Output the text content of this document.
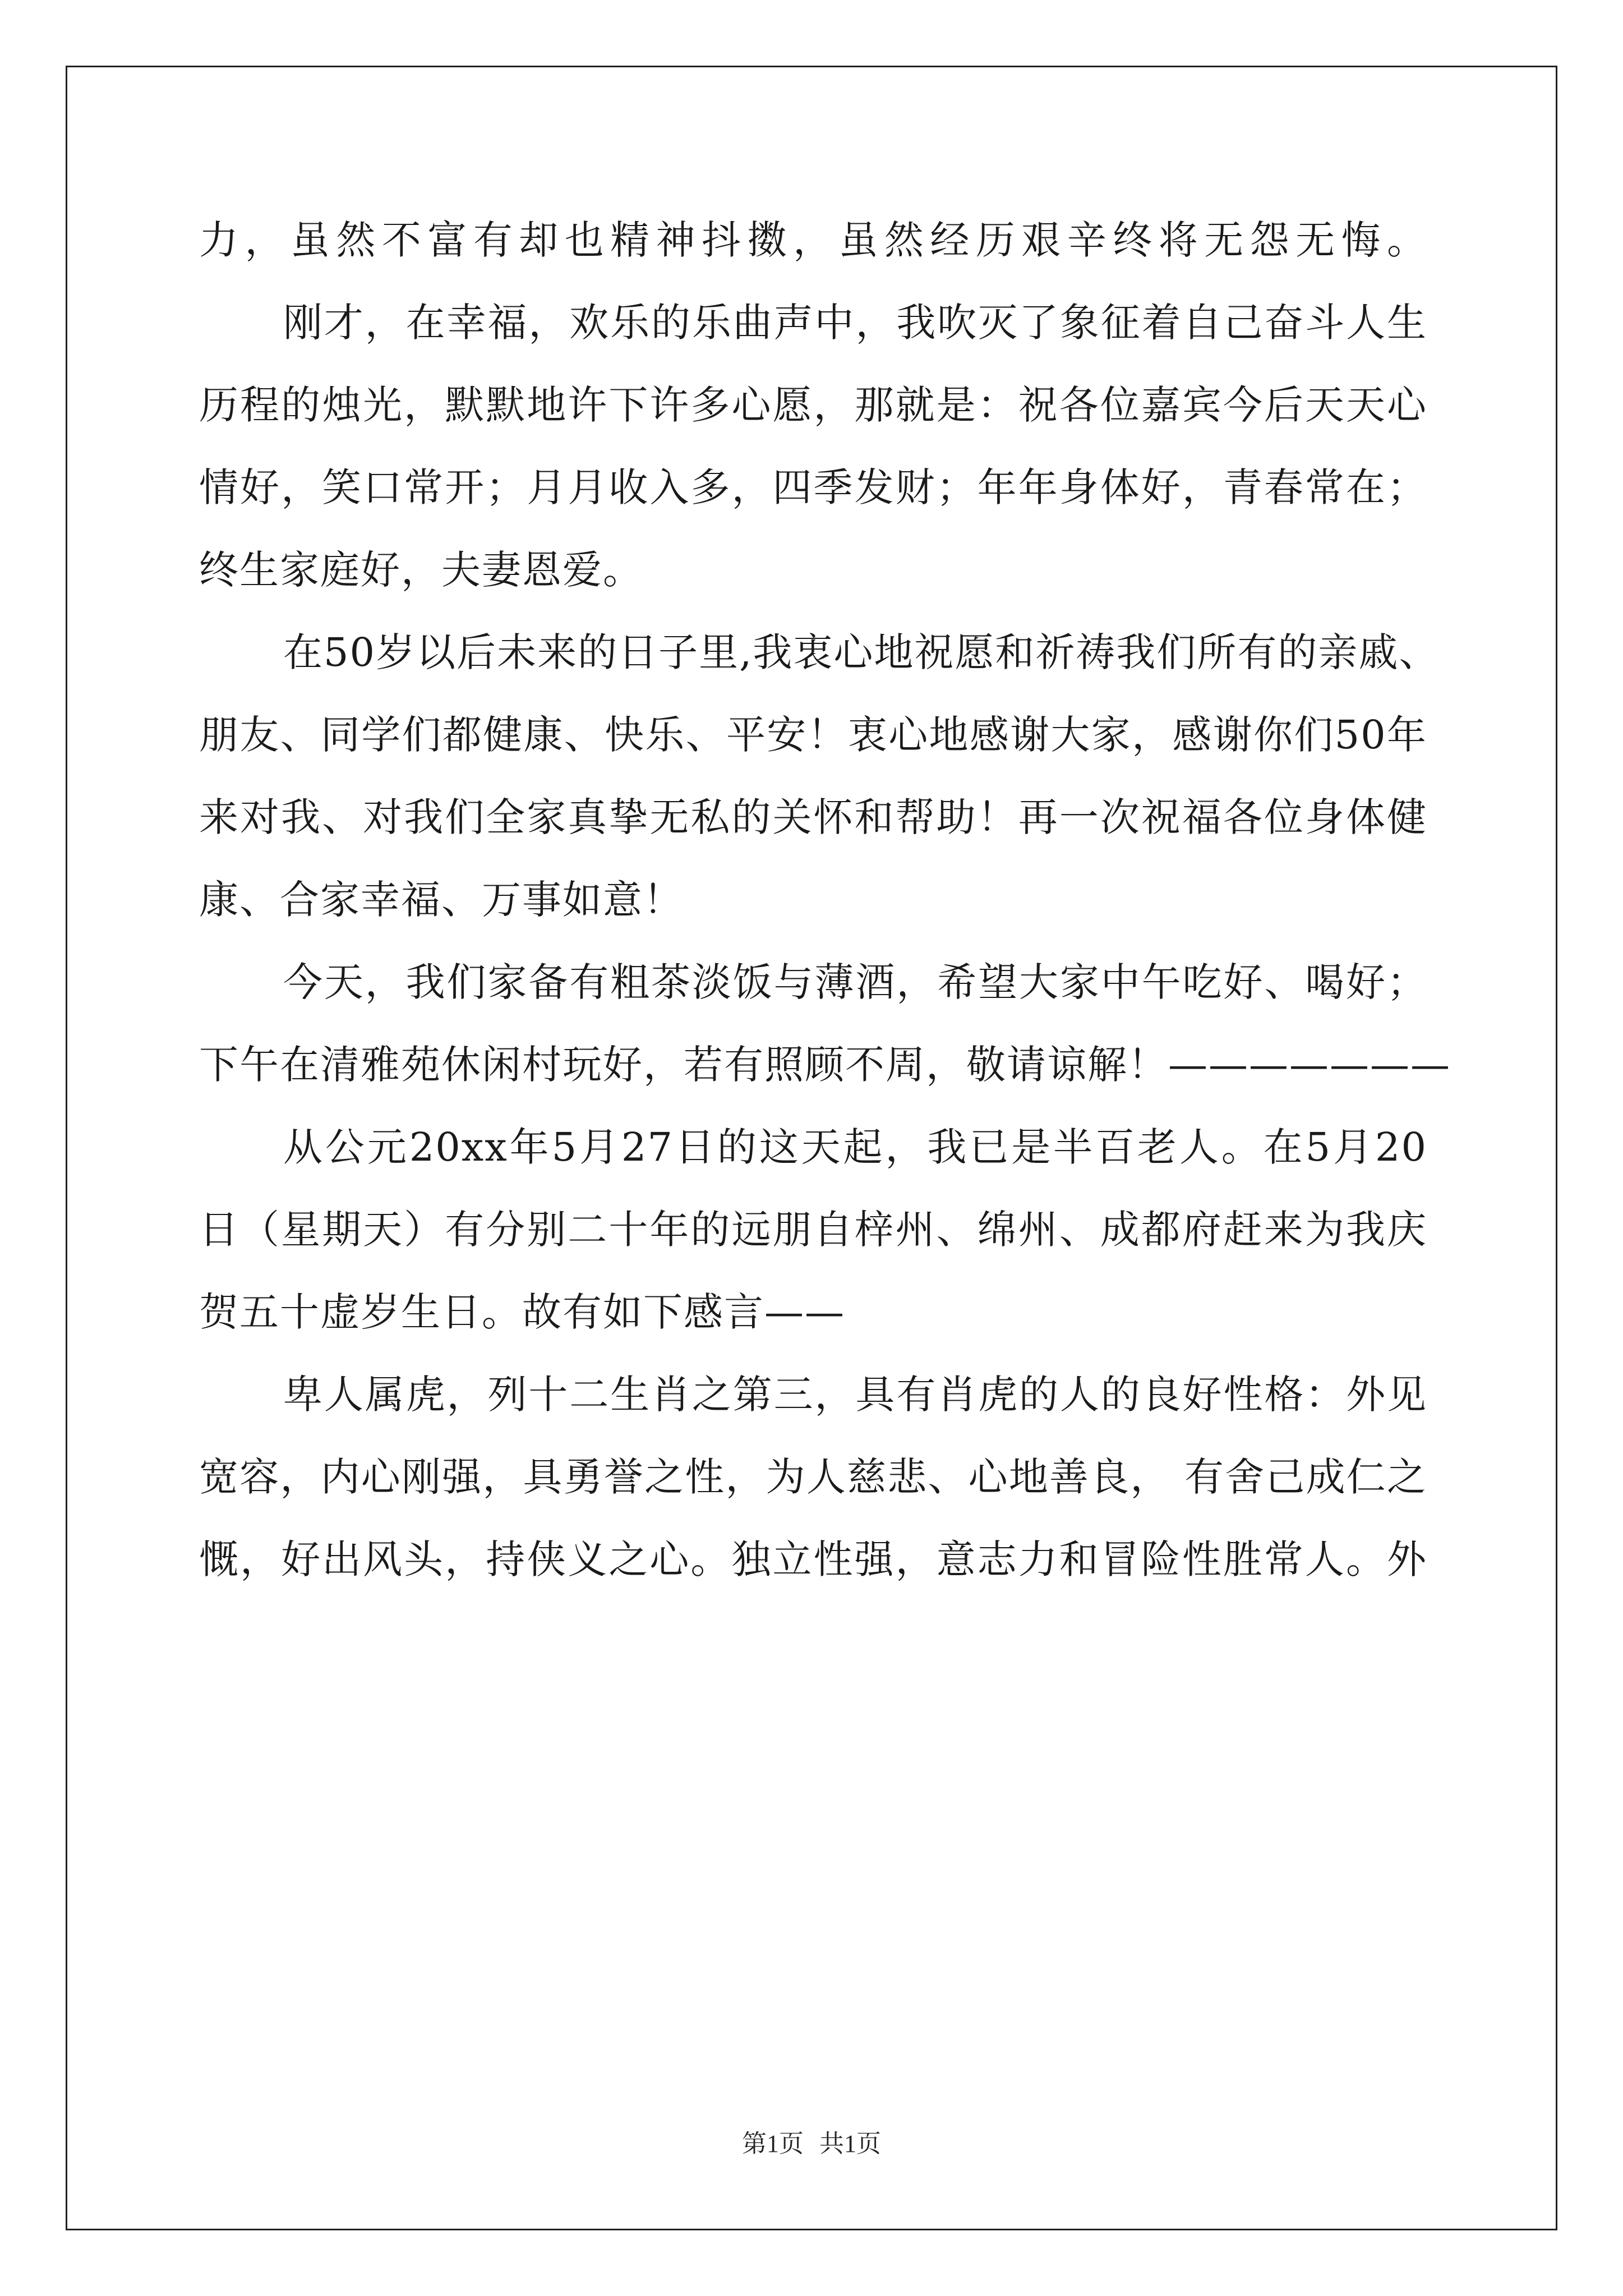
力，虽然不富有却也精神抖擞，虽然经历艰辛终将无怨无悔。
刚才，在幸福，欢乐的乐曲声中，我吹灭了象征着自己奋斗人生
历程的烛光，默默地许下许多心愿，那就是：祝各位嘉宾今后天天心
情好，笑口常开；月月收入多，四季发财；年年身体好，青春常在；
终生家庭好，夫妻恩爱。
在50岁以后未来的日子里,我衷心地祝愿和祈祷我们所有的亲戚、
朋友、同学们都健康、快乐、平安！衷心地感谢大家，感谢你们50年
来对我、对我们全家真挚无私的关怀和帮助！再一次祝福各位身体健
康、合家幸福、万事如意！
今天，我们家备有粗茶淡饭与薄酒，希望大家中午吃好、喝好；
下午在清雅苑休闲村玩好，若有照顾不周，敬请谅解！———————
从公元20xx年5月27日的这天起，我已是半百老人。在5月20
日（星期天）有分别二十年的远朋自梓州、绵州、成都府赶来为我庆
贺五十虚岁生日。故有如下感言——
卑人属虎，列十二生肖之第三，具有肖虎的人的良好性格：外见
宽容，内心刚强，具勇誉之性，为人慈悲、心地善良， 有舍己成仁之
慨，好出风头，持侠义之心。独立性强，意志力和冒险性胜常人。外
第1页 共1页
